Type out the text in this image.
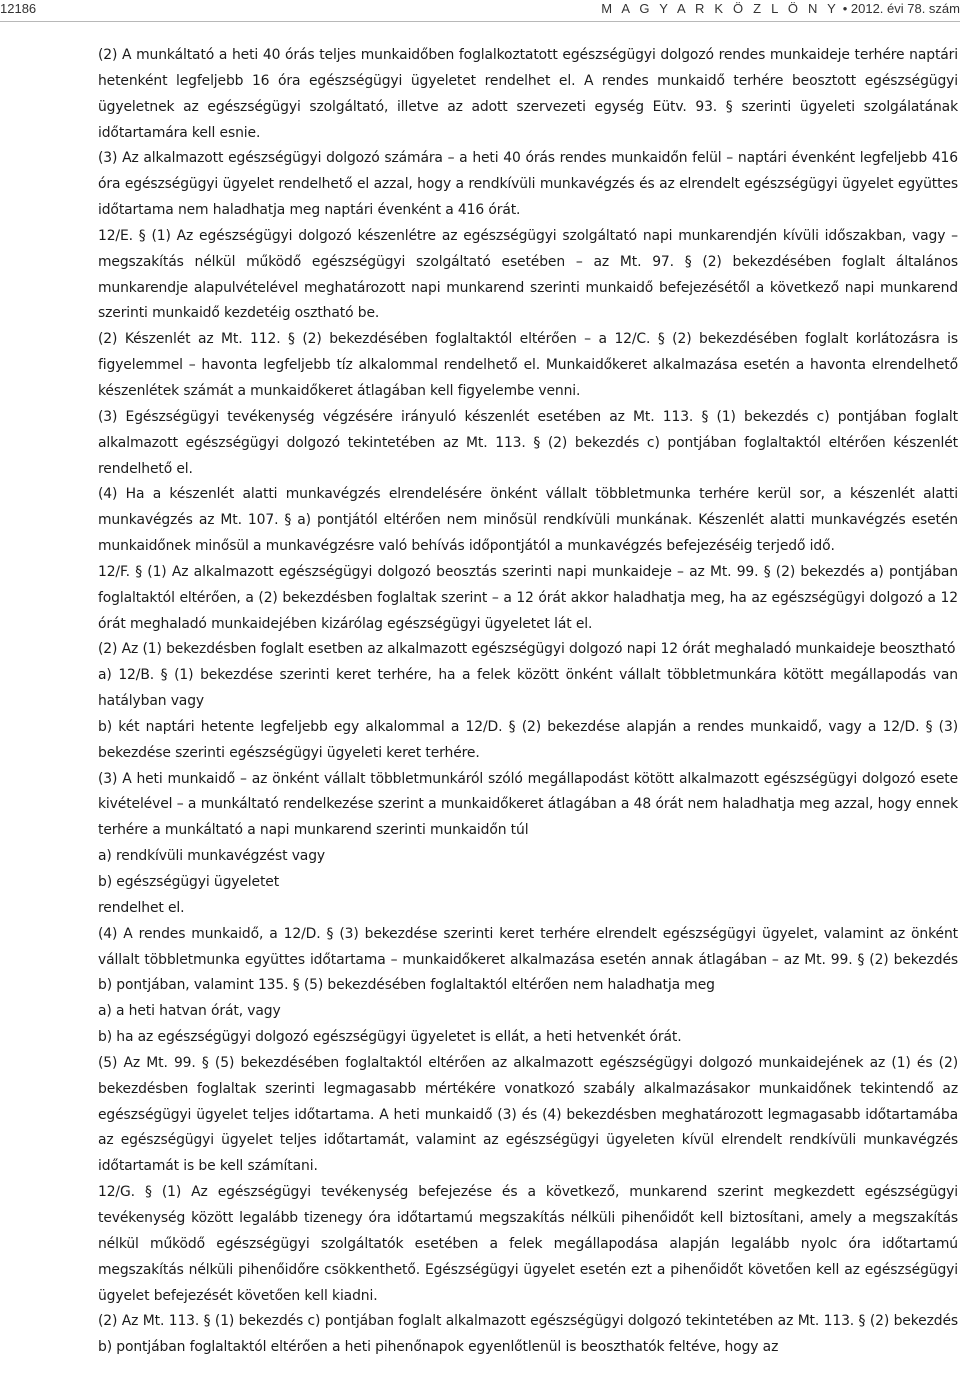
12186	M A G Y A R K Ö Z L Ö N Y • 2012. évi 78. szám

(2) A munkáltató a heti 40 órás teljes munkaidőben foglalkoztatott egészségügyi dolgozó rendes munkaideje terhére naptári hetenként legfeljebb 16 óra egészségügyi ügyeletet rendelhet el. A rendes munkaidő terhére beosztott egészségügyi ügyeletnek az egészségügyi szolgáltató, illetve az adott szervezeti egység Eütv. 93. § szerinti ügyeleti szolgálatának időtartamára kell esnie.

(3) Az alkalmazott egészségügyi dolgozó számára – a heti 40 órás rendes munkaidőn felül – naptári évenként legfeljebb 416 óra egészségügyi ügyelet rendelhető el azzal, hogy a rendkívüli munkavégzés és az elrendelt egészségügyi ügyelet együttes időtartama nem haladhatja meg naptári évenként a 416 órát.

12/E. § (1) Az egészségügyi dolgozó készenlétre az egészségügyi szolgáltató napi munkarendjén kívüli időszakban, vagy – megszakítás nélkül működő egészségügyi szolgáltató esetében – az Mt. 97. § (2) bekezdésében foglalt általános munkarendje alapulvételével meghatározott napi munkarend szerinti munkaidő befejezésétől a következő napi munkarend szerinti munkaidő kezdetéig osztható be.

(2) Készenlét az Mt. 112. § (2) bekezdésében foglaltaktól eltérően – a 12/C. § (2) bekezdésében foglalt korlátozásra is figyelemmel – havonta legfeljebb tíz alkalommal rendelhető el. Munkaidőkeret alkalmazása esetén a havonta elrendelhető készenlétek számát a munkaidőkeret átlagában kell figyelembe venni.

(3) Egészségügyi tevékenység végzésére irányuló készenlét esetében az Mt. 113. § (1) bekezdés c) pontjában foglalt alkalmazott egészségügyi dolgozó tekintetében az Mt. 113. § (2) bekezdés c) pontjában foglaltaktól eltérően készenlét rendelhető el.

(4) Ha a készenlét alatti munkavégzés elrendelésére önként vállalt többletmunka terhére kerül sor, a készenlét alatti munkavégzés az Mt. 107. § a) pontjától eltérően nem minősül rendkívüli munkának. Készenlét alatti munkavégzés esetén munkaidőnek minősül a munkavégzésre való behívás időpontjától a munkavégzés befejezéséig terjedő idő.

12/F. § (1) Az alkalmazott egészségügyi dolgozó beosztás szerinti napi munkaideje – az Mt. 99. § (2) bekezdés a) pontjában foglaltaktól eltérően, a (2) bekezdésben foglaltak szerint – a 12 órát akkor haladhatja meg, ha az egészségügyi dolgozó a 12 órát meghaladó munkaidejében kizárólag egészségügyi ügyeletet lát el.

(2) Az (1) bekezdésben foglalt esetben az alkalmazott egészségügyi dolgozó napi 12 órát meghaladó munkaideje beosztható

a) 12/B. § (1) bekezdése szerinti keret terhére, ha a felek között önként vállalt többletmunkára kötött megállapodás van hatályban vagy

b) két naptári hetente legfeljebb egy alkalommal a 12/D. § (2) bekezdése alapján a rendes munkaidő, vagy a 12/D. § (3) bekezdése szerinti egészségügyi ügyeleti keret terhére.

(3) A heti munkaidő – az önként vállalt többletmunkáról szóló megállapodást kötött alkalmazott egészségügyi dolgozó esete kivételével – a munkáltató rendelkezése szerint a munkaidőkeret átlagában a 48 órát nem haladhatja meg azzal, hogy ennek terhére a munkáltató a napi munkarend szerinti munkaidőn túl

a) rendkívüli munkavégzést vagy

b) egészségügyi ügyeletet

rendelhet el.

(4) A rendes munkaidő, a 12/D. § (3) bekezdése szerinti keret terhére elrendelt egészségügyi ügyelet, valamint az önként vállalt többletmunka együttes időtartama – munkaidőkeret alkalmazása esetén annak átlagában – az Mt. 99. § (2) bekezdés b) pontjában, valamint 135. § (5) bekezdésében foglaltaktól eltérően nem haladhatja meg

a) a heti hatvan órát, vagy

b) ha az egészségügyi dolgozó egészségügyi ügyeletet is ellát, a heti hetvenkét órát.

(5) Az Mt. 99. § (5) bekezdésében foglaltaktól eltérően az alkalmazott egészségügyi dolgozó munkaidejének az (1) és (2) bekezdésben foglaltak szerinti legmagasabb mértékére vonatkozó szabály alkalmazásakor munkaidőnek tekintendő az egészségügyi ügyelet teljes időtartama. A heti munkaidő (3) és (4) bekezdésben meghatározott legmagasabb időtartamába az egészségügyi ügyelet teljes időtartamát, valamint az egészségügyi ügyeleten kívül elrendelt rendkívüli munkavégzés időtartamát is be kell számítani.

12/G. § (1) Az egészségügyi tevékenység befejezése és a következő, munkarend szerint megkezdett egészségügyi tevékenység között legalább tizenegy óra időtartamú megszakítás nélküli pihenőidőt kell biztosítani, amely a megszakítás nélkül működő egészségügyi szolgáltatók esetében a felek megállapodása alapján legalább nyolc óra időtartamú megszakítás nélküli pihenőidőre csökkenthető. Egészségügyi ügyelet esetén ezt a pihenőidőt követően kell az egészségügyi ügyelet befejezését követően kell kiadni.

(2) Az Mt. 113. § (1) bekezdés c) pontjában foglalt alkalmazott egészségügyi dolgozó tekintetében az Mt. 113. § (2) bekezdés b) pontjában foglaltaktól eltérően a heti pihenőnapok egyenlőtlenül is beoszthatók feltéve, hogy az
